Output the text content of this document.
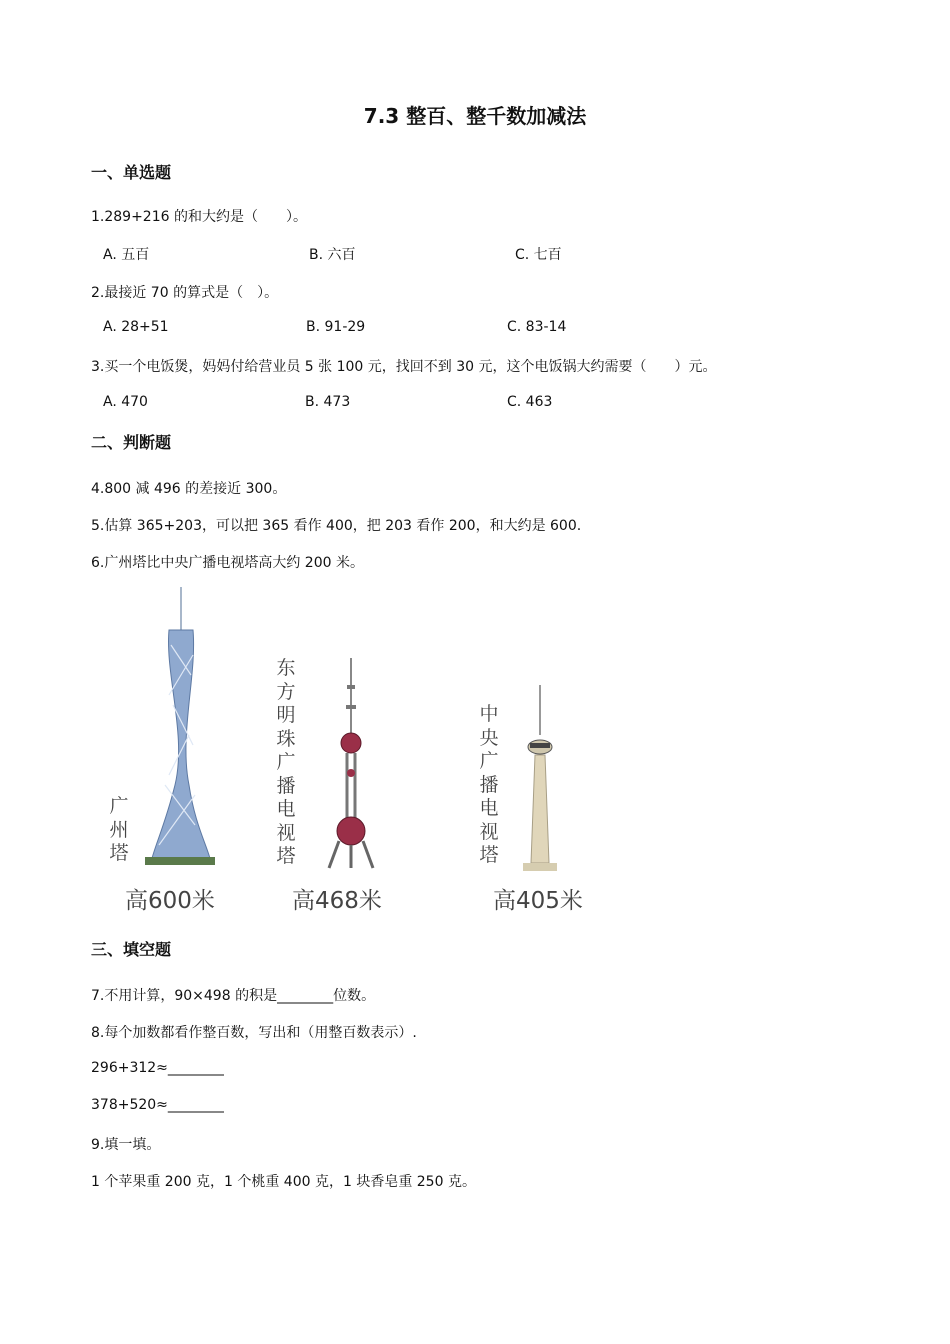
7.3 整百、整千数加减法
一、单选题
1.289+216 的和大约是（　　）。
A. 五百	B. 六百	C. 七百
2.最接近 70 的算式是（　）。
A. 28+51	B. 91-29	C. 83-14
3.买一个电饭煲，妈妈付给营业员 5 张 100 元，找回不到 30 元，这个电饭锅大约需要（　　）元。
A. 470	B. 473	C. 463
二、判断题
4.800 减 496 的差接近 300。
5.估算 365+203，可以把 365 看作 400，把 203 看作 200，和大约是 600.
6.广州塔比中央广播电视塔高大约 200 米。
广
州
塔
高600米
东
方
明
珠
广
播
电
视
塔
高468米
中
央
广
播
电
视
塔
高405米
三、填空题
7.不用计算，90×498 的积是________位数。
8.每个加数都看作整百数，写出和（用整百数表示）.
296+312≈________
378+520≈________
9.填一填。
1 个苹果重 200 克，1 个桃重 400 克，1 块香皂重 250 克。
